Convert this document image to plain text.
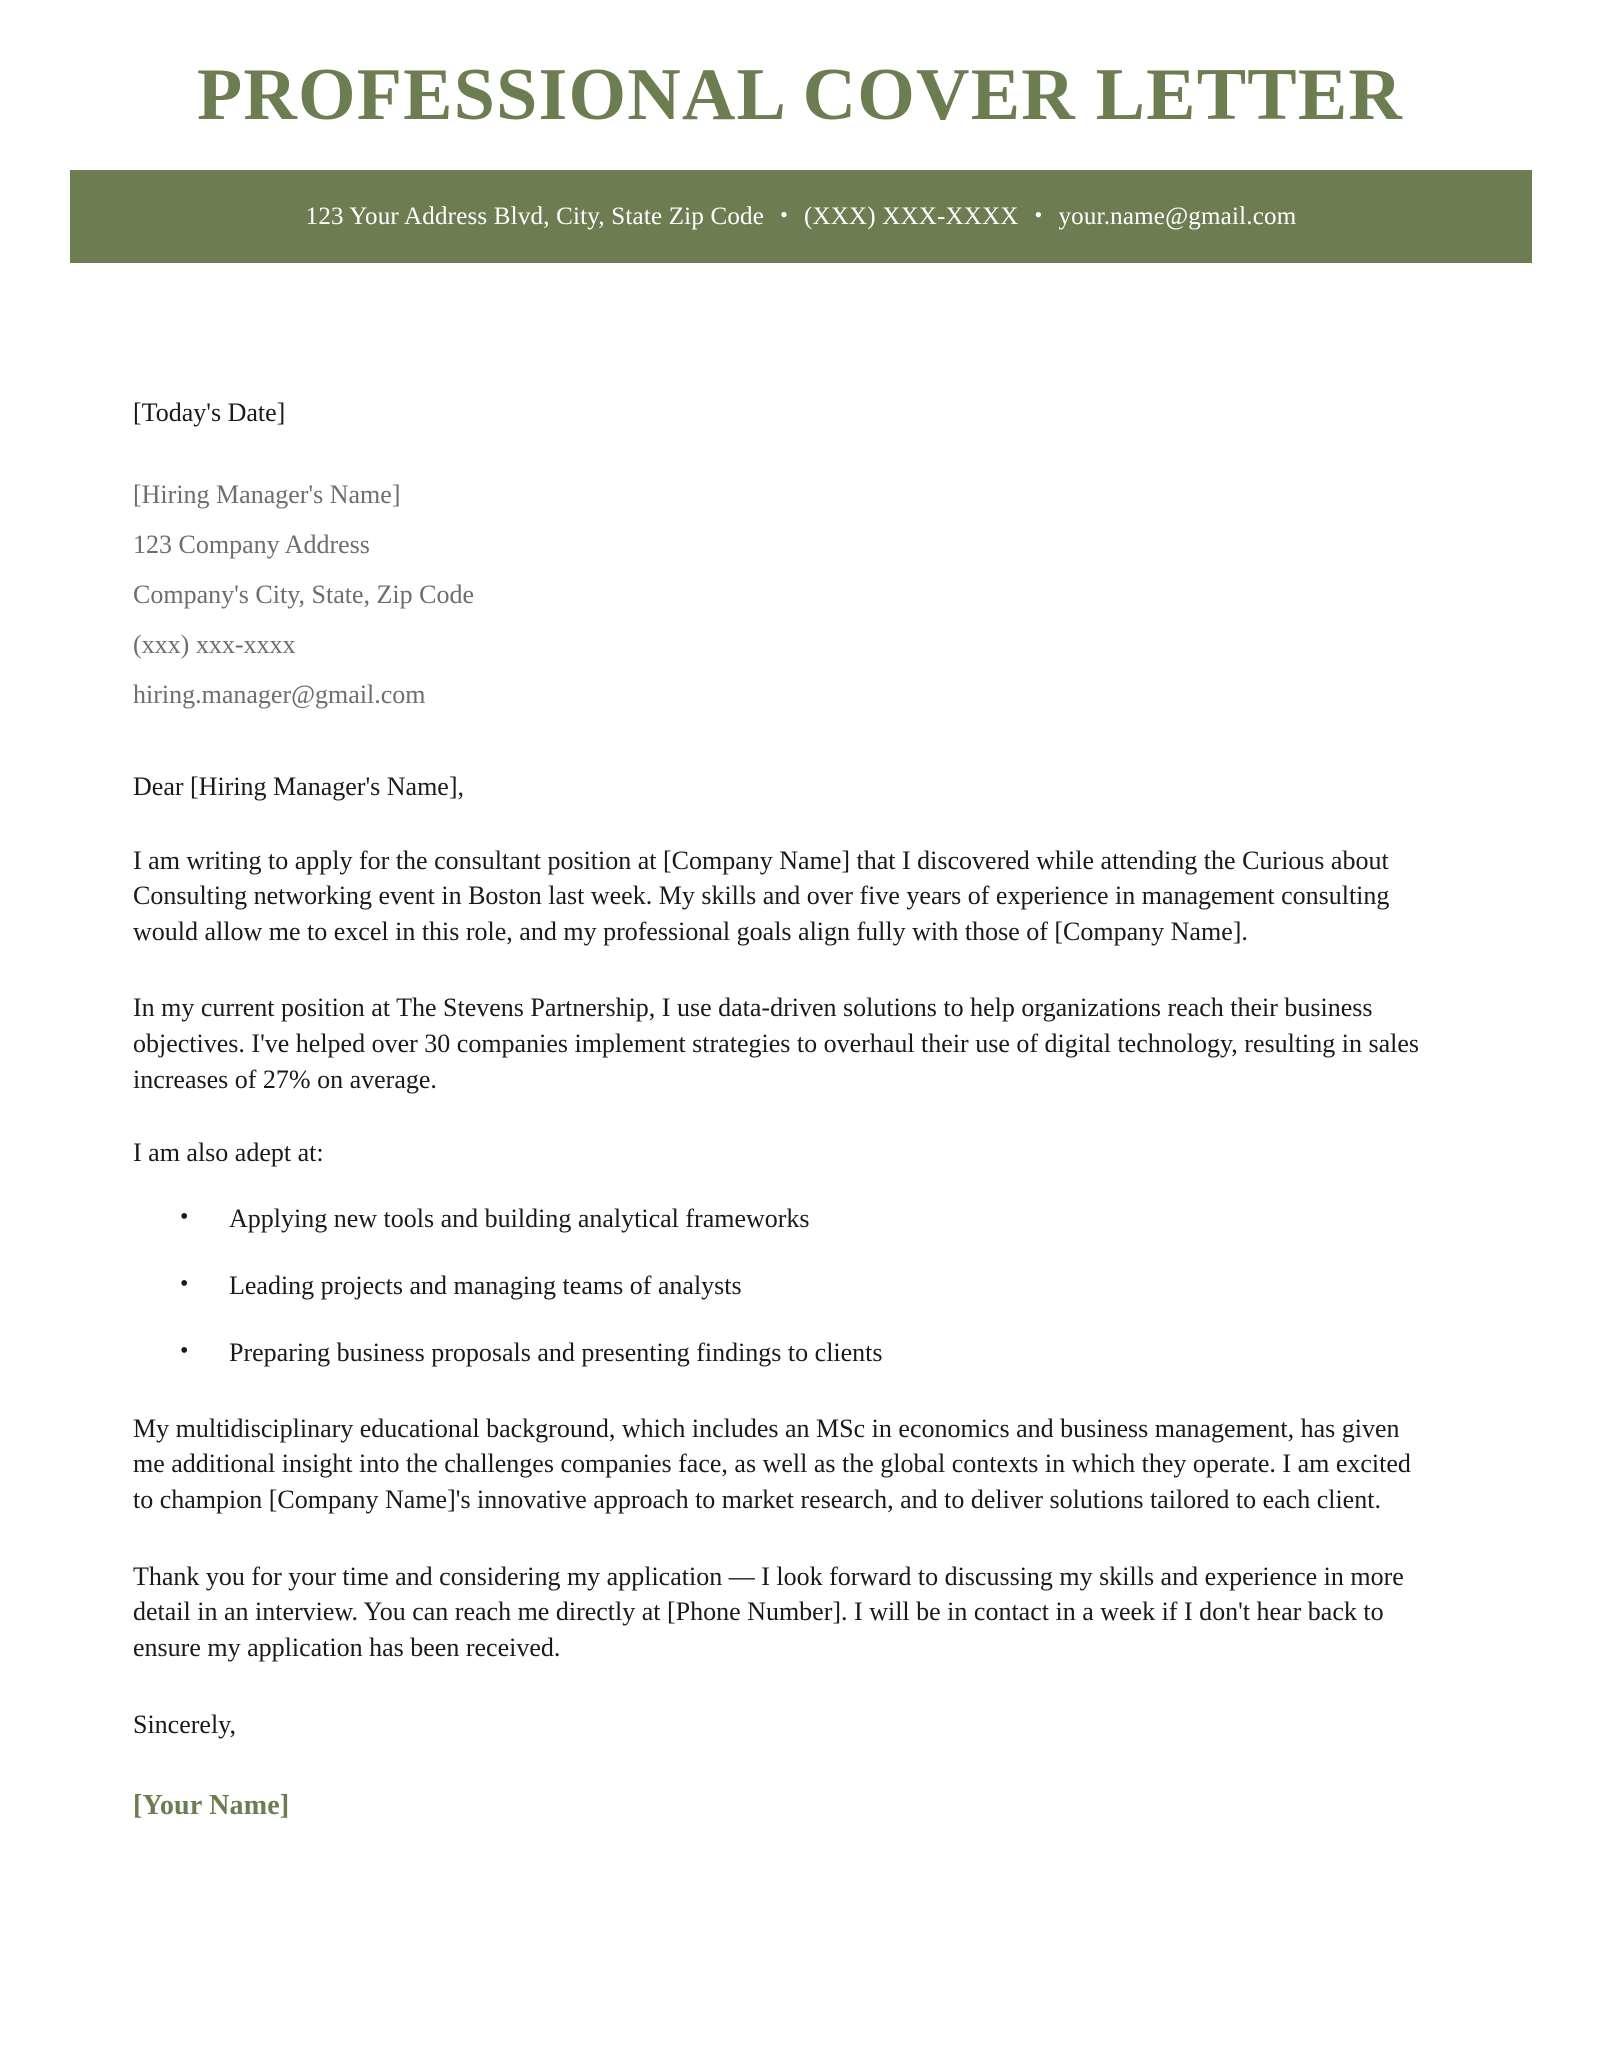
PROFESSIONAL COVER LETTER
123 Your Address Blvd, City, State Zip Code • (XXX) XXX-XXXX • your.name@gmail.com
[Today's Date]
[Hiring Manager's Name]
123 Company Address
Company's City, State, Zip Code
(xxx) xxx-xxxx
hiring.manager@gmail.com
Dear [Hiring Manager's Name],

I am writing to apply for the consultant position at [Company Name] that I discovered while attending the Curious about Consulting networking event in Boston last week. My skills and over five years of experience in management consulting would allow me to excel in this role, and my professional goals align fully with those of [Company Name].

In my current position at The Stevens Partnership, I use data-driven solutions to help organizations reach their business objectives. I've helped over 30 companies implement strategies to overhaul their use of digital technology, resulting in sales increases of 27% on average.

I am also adept at:
• Applying new tools and building analytical frameworks
• Leading projects and managing teams of analysts
• Preparing business proposals and presenting findings to clients

My multidisciplinary educational background, which includes an MSc in economics and business management, has given me additional insight into the challenges companies face, as well as the global contexts in which they operate. I am excited to champion [Company Name]'s innovative approach to market research, and to deliver solutions tailored to each client.

Thank you for your time and considering my application — I look forward to discussing my skills and experience in more detail in an interview. You can reach me directly at [Phone Number]. I will be in contact in a week if I don't hear back to ensure my application has been received.

Sincerely,
[Your Name]
